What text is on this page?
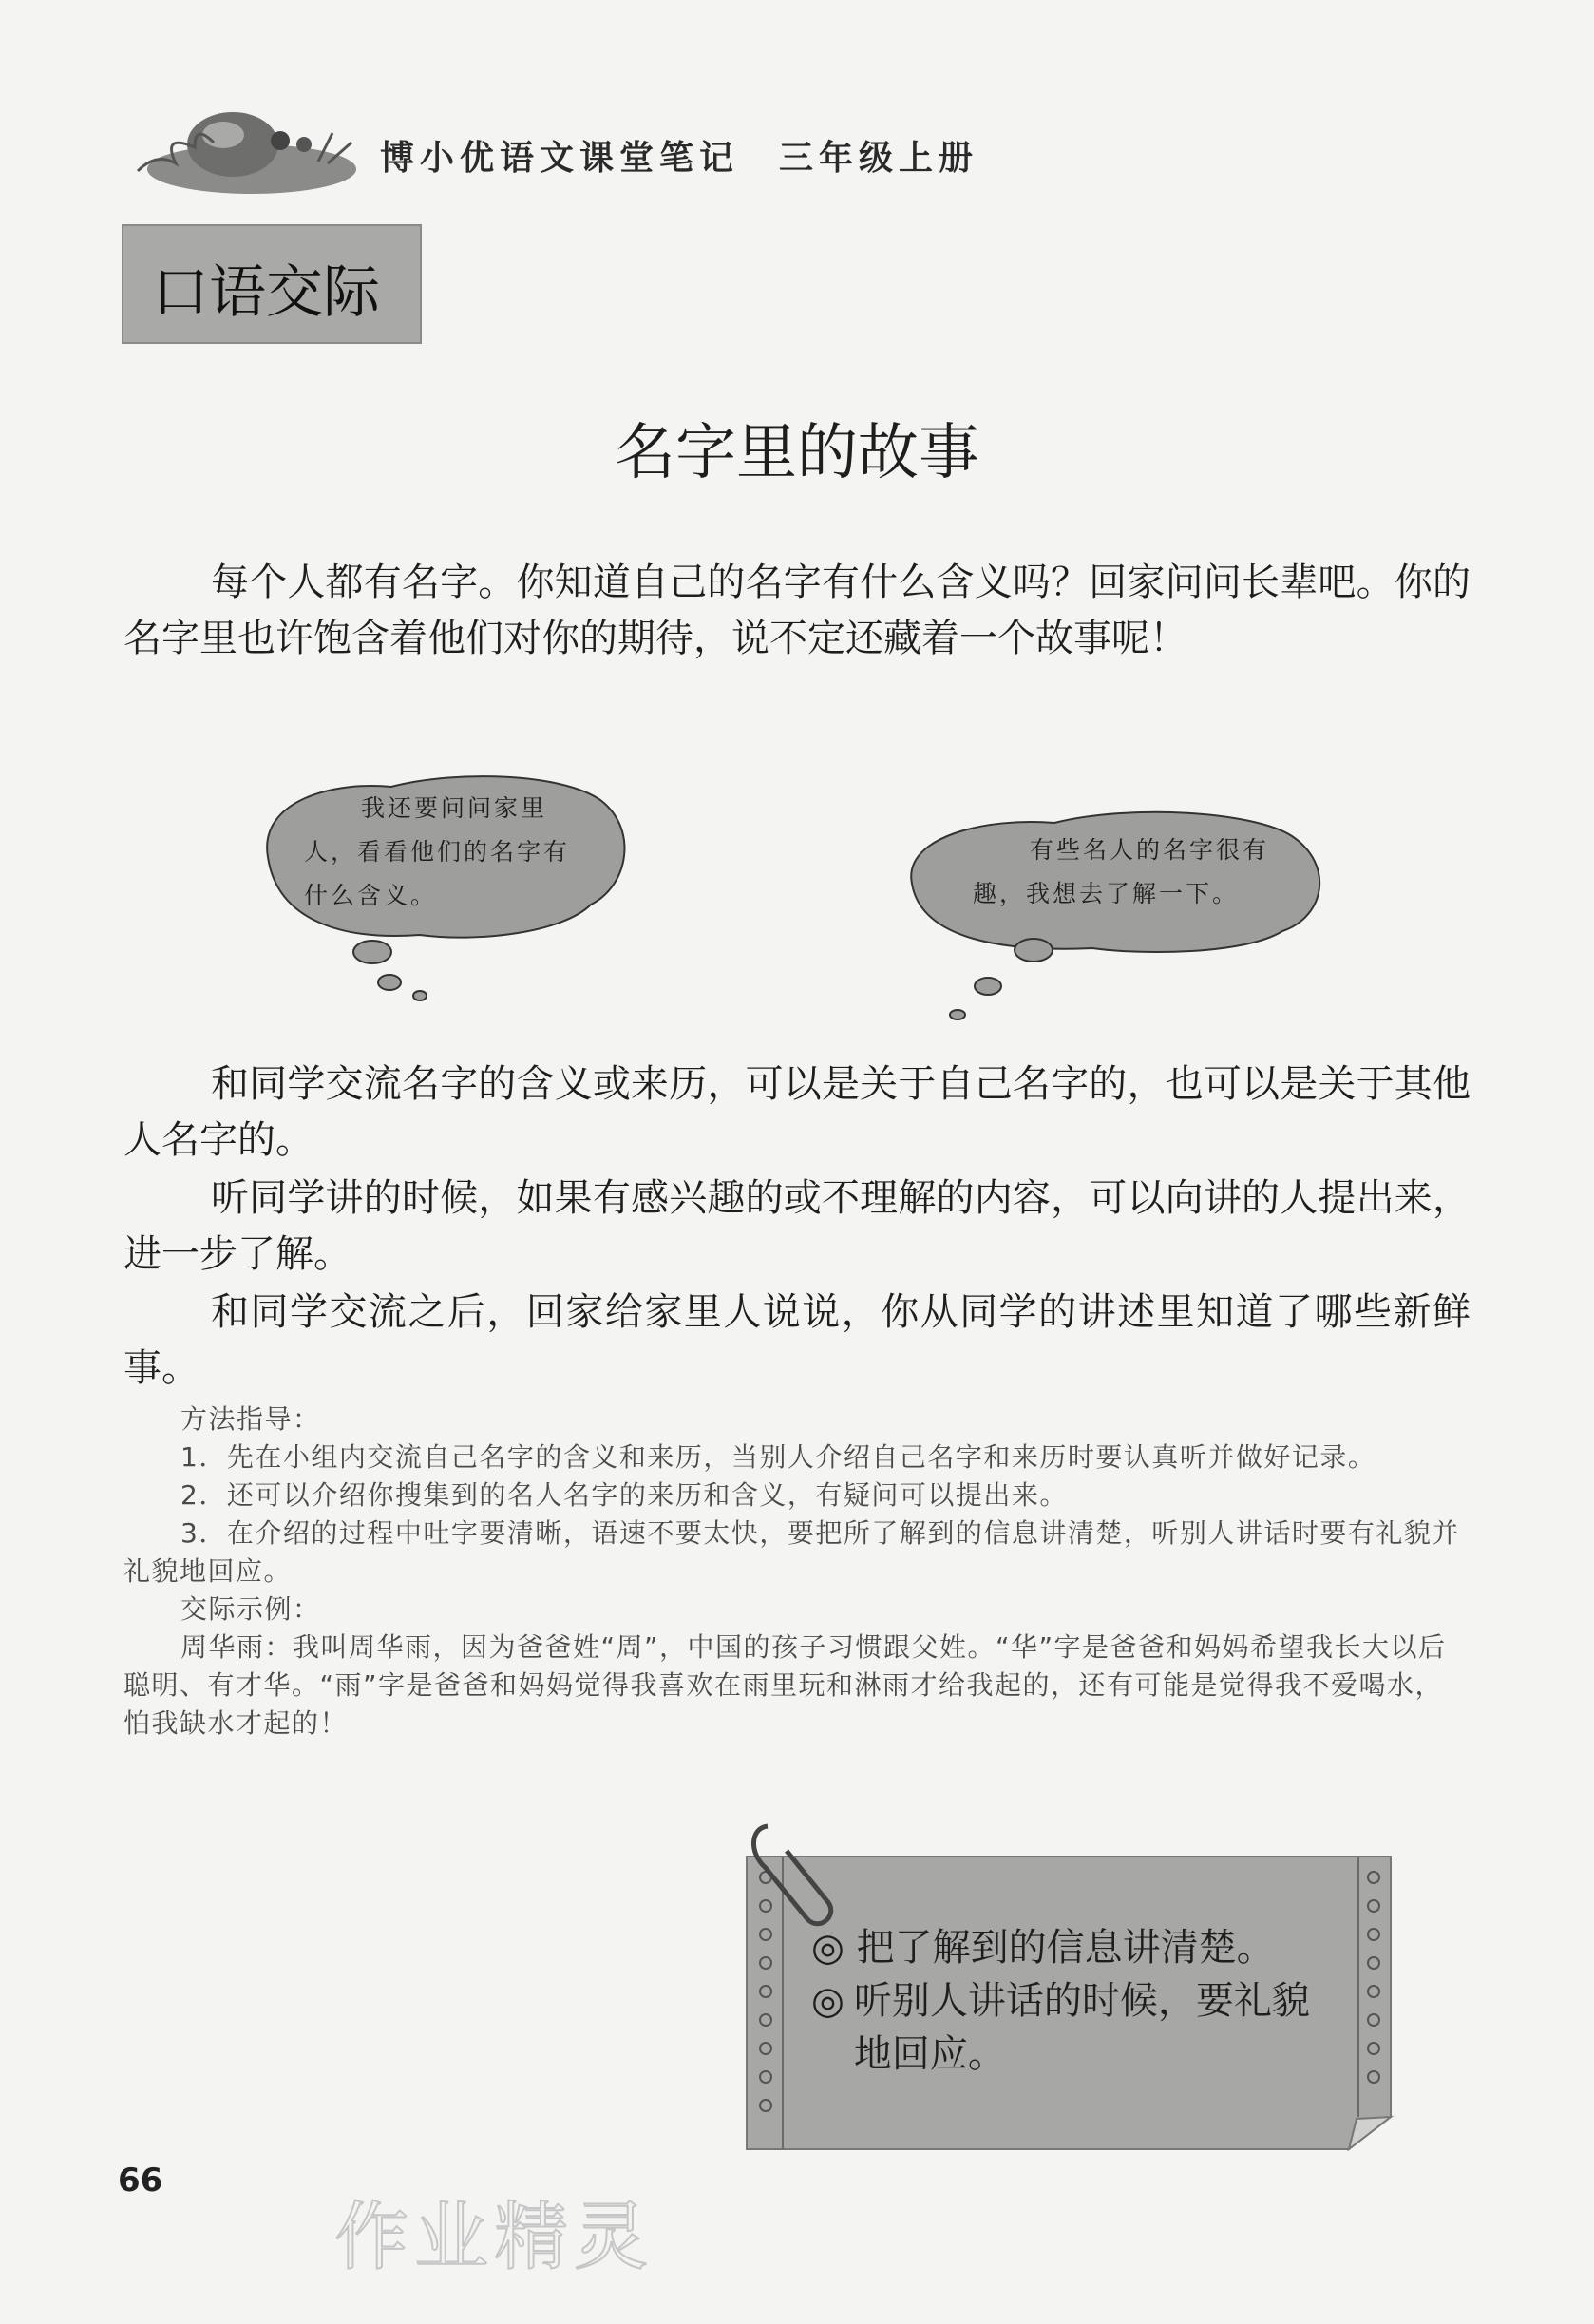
博小优语文课堂笔记　三年级上册
口语交际
名字里的故事
每个人都有名字。你知道自己的名字有什么含义吗？回家问问长辈吧。你的名字里也许饱含着他们对你的期待，说不定还藏着一个故事呢！
我还要问问家里人，看看他们的名字有什么含义。
有些名人的名字很有趣，我想去了解一下。
和同学交流名字的含义或来历，可以是关于自己名字的，也可以是关于其他人名字的。
听同学讲的时候，如果有感兴趣的或不理解的内容，可以向讲的人提出来，进一步了解。
和同学交流之后，回家给家里人说说，你从同学的讲述里知道了哪些新鲜事。

方法指导：

1．先在小组内交流自己名字的含义和来历，当别人介绍自己名字和来历时要认真听并做好记录。

2．还可以介绍你搜集到的名人名字的来历和含义，有疑问可以提出来。

3．在介绍的过程中吐字要清晰，语速不要太快，要把所了解到的信息讲清楚，听别人讲话时要有礼貌并礼貌地回应。

交际示例：

周华雨：我叫周华雨，因为爸爸姓“周”，中国的孩子习惯跟父姓。“华”字是爸爸和妈妈希望我长大以后聪明、有才华。“雨”字是爸爸和妈妈觉得我喜欢在雨里玩和淋雨才给我起的，还有可能是觉得我不爱喝水，怕我缺水才起的！

◎ 把了解到的信息讲清楚。
◎ 听别人讲话的时候，要礼貌地回应。
66
作业精灵
